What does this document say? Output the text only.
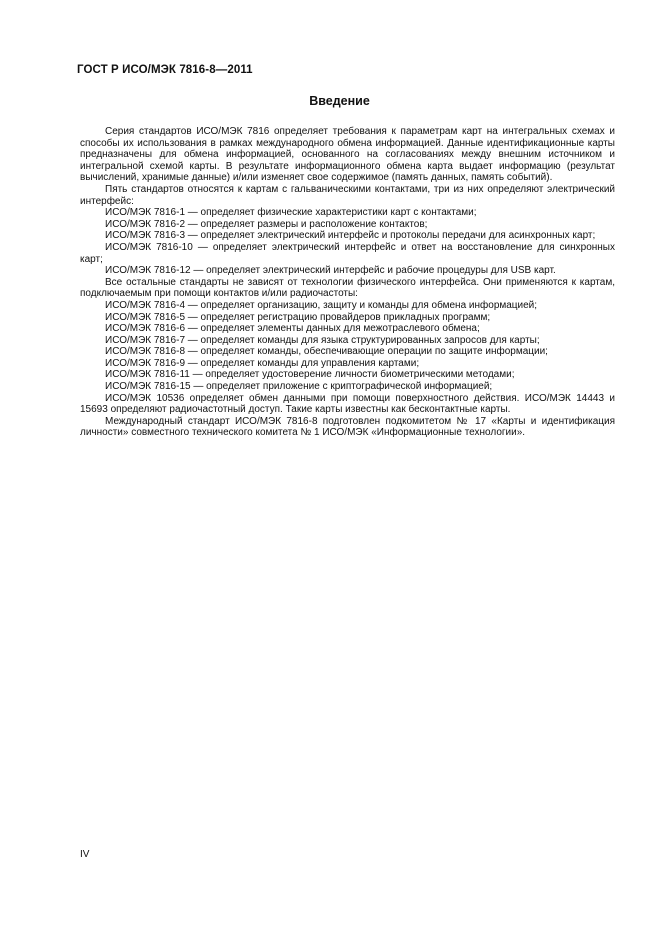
ГОСТ Р ИСО/МЭК 7816-8—2011
Введение

Серия стандартов ИСО/МЭК 7816 определяет требования к параметрам карт на интегральных схемах и способы их использования в рамках международного обмена информацией. Данные идентификационные карты предназначены для обмена информацией, основанного на согласованиях между внешним источником и интегральной схемой карты. В результате информационного обмена карта выдает информацию (результат вычислений, хранимые данные) и/или изменяет свое содержимое (память данных, память событий).

Пять стандартов относятся к картам с гальваническими контактами, три из них определяют электрический интерфейс:

ИСО/МЭК 7816-1 — определяет физические характеристики карт с контактами;

ИСО/МЭК 7816-2 — определяет размеры и расположение контактов;

ИСО/МЭК 7816-3 — определяет электрический интерфейс и протоколы передачи для асинхронных карт;

ИСО/МЭК 7816-10 — определяет электрический интерфейс и ответ на восстановление для синхронных карт;

ИСО/МЭК 7816-12 — определяет электрический интерфейс и рабочие процедуры для USB карт.

Все остальные стандарты не зависят от технологии физического интерфейса. Они применяются к картам, подключаемым при помощи контактов и/или радиочастоты:

ИСО/МЭК 7816-4 — определяет организацию, защиту и команды для обмена информацией;

ИСО/МЭК 7816-5 — определяет регистрацию провайдеров прикладных программ;

ИСО/МЭК 7816-6 — определяет элементы данных для межотраслевого обмена;

ИСО/МЭК 7816-7 — определяет команды для языка структурированных запросов для карты;

ИСО/МЭК 7816-8 — определяет команды, обеспечивающие операции по защите информации;

ИСО/МЭК 7816-9 — определяет команды для управления картами;

ИСО/МЭК 7816-11 — определяет удостоверение личности биометрическими методами;

ИСО/МЭК 7816-15 — определяет приложение с криптографической информацией;

ИСО/МЭК 10536 определяет обмен данными при помощи поверхностного действия. ИСО/МЭК 14443 и 15693 определяют радиочастотный доступ. Такие карты известны как бесконтактные карты.

Международный стандарт ИСО/МЭК 7816-8 подготовлен подкомитетом № 17 «Карты и идентификация личности» совместного технического комитета № 1 ИСО/МЭК «Информационные технологии».

IV
